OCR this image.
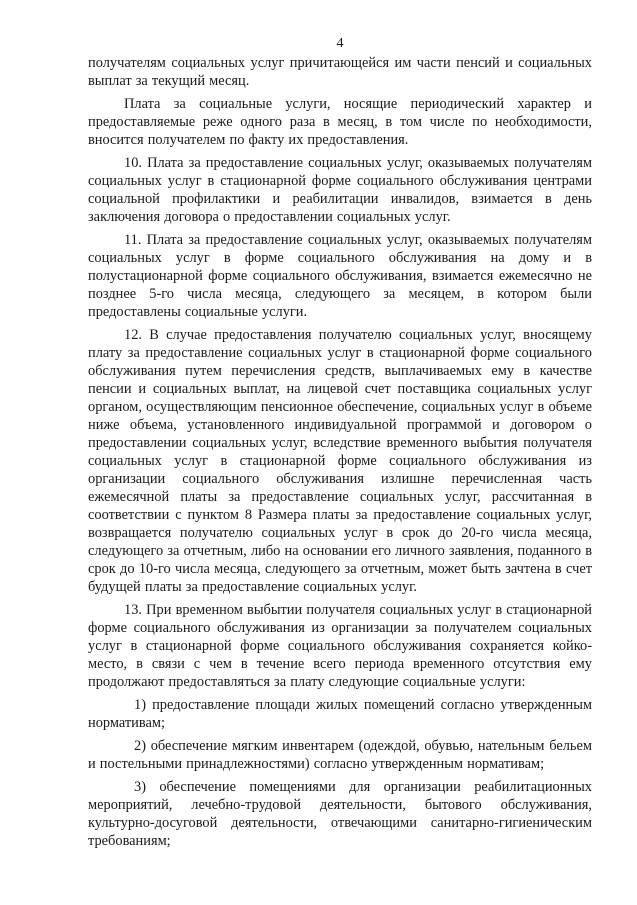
4

получателям социальных услуг причитающейся им части пенсий и социальных выплат за текущий месяц.

Плата за социальные услуги, носящие периодический характер и предоставляемые реже одного раза в месяц, в том числе по необходимости, вносится получателем по факту их предоставления.

10. Плата за предоставление социальных услуг, оказываемых получателям социальных услуг в стационарной форме социального обслуживания центрами социальной профилактики и реабилитации инвалидов, взимается в день заключения договора о предоставлении социальных услуг.

11. Плата за предоставление социальных услуг, оказываемых получателям социальных услуг в форме социального обслуживания на дому и в полустационарной форме социального обслуживания, взимается ежемесячно не позднее 5-го числа месяца, следующего за месяцем, в котором были предоставлены социальные услуги.

12. В случае предоставления получателю социальных услуг, вносящему плату за предоставление социальных услуг в стационарной форме социального обслуживания путем перечисления средств, выплачиваемых ему в качестве пенсии и социальных выплат, на лицевой счет поставщика социальных услуг органом, осуществляющим пенсионное обеспечение, социальных услуг в объеме ниже объема, установленного индивидуальной программой и договором о предоставлении социальных услуг, вследствие временного выбытия получателя социальных услуг в стационарной форме социального обслуживания из организации социального обслуживания излишне перечисленная часть ежемесячной платы за предоставление социальных услуг, рассчитанная в соответствии с пунктом 8 Размера платы за предоставление социальных услуг, возвращается получателю социальных услуг в срок до 20-го числа месяца, следующего за отчетным, либо на основании его личного заявления, поданного в срок до 10-го числа месяца, следующего за отчетным, может быть зачтена в счет будущей платы за предоставление социальных услуг.

13. При временном выбытии получателя социальных услуг в стационарной форме социального обслуживания из организации за получателем социальных услуг в стационарной форме социального обслуживания сохраняется койко-место, в связи с чем в течение всего периода временного отсутствия ему продолжают предоставляться за плату следующие социальные услуги:

1) предоставление площади жилых помещений согласно утвержденным нормативам;

2) обеспечение мягким инвентарем (одеждой, обувью, нательным бельем и постельными принадлежностями) согласно утвержденным нормативам;

3) обеспечение помещениями для организации реабилитационных мероприятий, лечебно-трудовой деятельности, бытового обслуживания, культурно-досуговой деятельности, отвечающими санитарно-гигиеническим требованиям;
